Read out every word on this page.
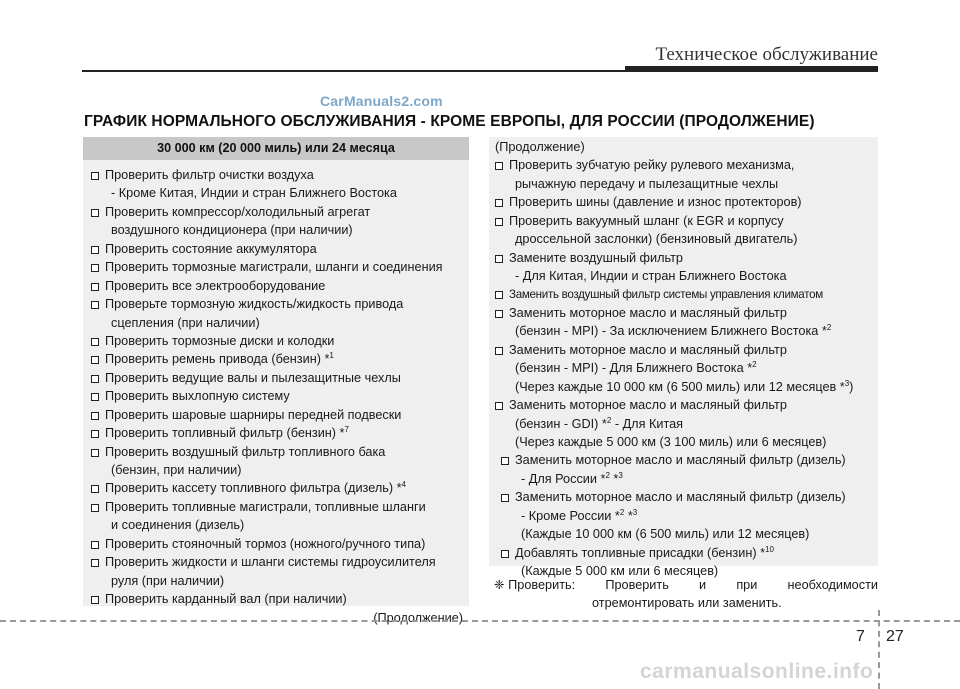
Техническое обслуживание
CarManuals2.com
ГРАФИК НОРМАЛЬНОГО ОБСЛУЖИВАНИЯ - КРОМЕ ЕВРОПЫ, ДЛЯ РОССИИ (ПРОДОЛЖЕНИЕ)
30 000 км (20 000 миль) или 24 месяца
Проверить фильтр очистки воздуха
- Кроме Китая, Индии и стран Ближнего Востока
Проверить компрессор/холодильный агрегат
воздушного кондиционера (при наличии)
Проверить состояние аккумулятора
Проверить тормозные магистрали, шланги и соединения
Проверить все электрооборудование
Проверьте тормозную жидкость/жидкость привода
сцепления (при наличии)
Проверить тормозные диски и колодки
Проверить ремень привода (бензин) *$^1$
Проверить ведущие валы и пылезащитные чехлы
Проверить выхлопную систему
Проверить шаровые шарниры передней подвески
Проверить топливный фильтр (бензин) *$^7$
Проверить воздушный фильтр топливного бака
(бензин, при наличии)
Проверить кассету топливного фильтра (дизель) *$^4$
Проверить топливные магистрали, топливные шланги
и соединения (дизель)
Проверить стояночный тормоз (ножного/ручного типа)
Проверить жидкости и шланги системы гидроусилителя
руля (при наличии)
Проверить карданный вал (при наличии)
(Продолжение)
(Продолжение)
Проверить зубчатую рейку рулевого механизма,
рычажную передачу и пылезащитные чехлы
Проверить шины (давление и износ протекторов)
Проверить вакуумный шланг (к EGR и корпусу
дроссельной заслонки) (бензиновый двигатель)
Замените воздушный фильтр
- Для Китая, Индии и стран Ближнего Востока
Заменить воздушный фильтр системы управления климатом
Заменить моторное масло и масляный фильтр
(бензин - MPI) - За исключением Ближнего Востока *$^2$
Заменить моторное масло и масляный фильтр
(бензин - MPI) - Для Ближнего Востока *$^2$
(Через каждые 10 000 км (6 500 миль) или 12 месяцев *$^3$)
Заменить моторное масло и масляный фильтр
(бензин - GDI) *$^2$ - Для Китая
(Через каждые 5 000 км (3 100 миль) или 6 месяцев)
Заменить моторное масло и масляный фильтр (дизель)
- Для России *$^2$ *$^3$
Заменить моторное масло и масляный фильтр (дизель)
- Кроме России *$^2$ *$^3$
(Каждые 10 000 км (6 500 миль) или 12 месяцев)
Добавлять топливные присадки (бензин) *$^{10}$
(Каждые 5 000 км или 6 месяцев)
❈ Проверить: Проверить и при необходимости
отремонтировать или заменить.
7 27
carmanualsonline.info
